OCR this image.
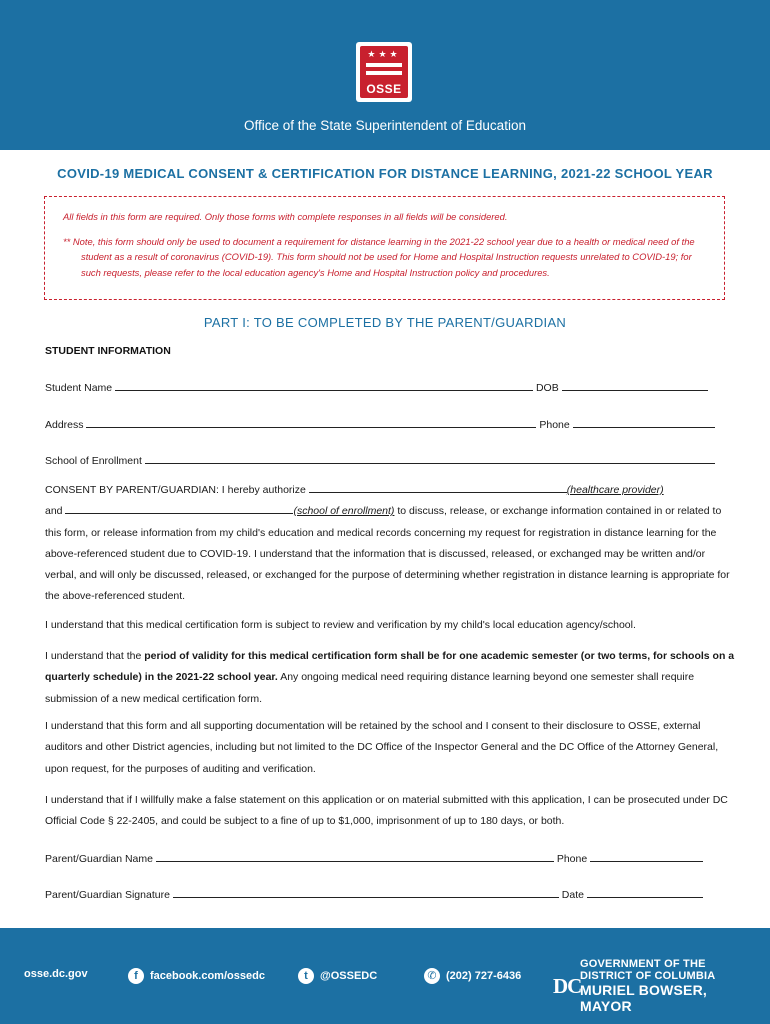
★★★
OSSE
Office of the State Superintendent of Education
COVID-19 MEDICAL CONSENT & CERTIFICATION FOR DISTANCE LEARNING, 2021-22 SCHOOL YEAR

All fields in this form are required. Only those forms with complete responses in all fields will be considered.

** Note, this form should only be used to document a requirement for distance learning in the 2021-22 school year due to a health or medical need of the student as a result of coronavirus (COVID-19). This form should not be used for Home and Hospital Instruction requests unrelated to COVID-19; for such requests, please refer to the local education agency's Home and Hospital Instruction policy and procedures.

PART I: TO BE COMPLETED BY THE PARENT/GUARDIAN
STUDENT INFORMATION
Student Name	DOB
Address	Phone
School of Enrollment
CONSENT BY PARENT/GUARDIAN: I hereby authorize	(healthcare provider)
and	(school of enrollment) to discuss, release, or exchange information contained in or related to this form, or release information from my child's education and medical records concerning my request for registration in distance learning for the above-referenced student due to COVID-19. I understand that the information that is discussed, released, or exchanged may be written and/or verbal, and will only be discussed, released, or exchanged for the purpose of determining whether registration in distance learning is appropriate for the above-referenced student.
I understand that this medical certification form is subject to review and verification by my child's local education agency/school.
I understand that the period of validity for this medical certification form shall be for one academic semester (or two terms, for schools on a quarterly schedule) in the 2021-22 school year. Any ongoing medical need requiring distance learning beyond one semester shall require submission of a new medical certification form.
I understand that this form and all supporting documentation will be retained by the school and I consent to their disclosure to OSSE, external auditors and other District agencies, including but not limited to the DC Office of the Inspector General and the DC Office of the Attorney General, upon request, for the purposes of auditing and verification.
I understand that if I willfully make a false statement on this application or on material submitted with this application, I can be prosecuted under DC Official Code § 22-2405, and could be subject to a fine of up to $1,000, imprisonment of up to 180 days, or both.
Parent/Guardian Name	Phone
Parent/Guardian Signature	Date
osse.dc.gov	f facebook.com/ossedc	t @OSSEDC	✆ (202) 727-6436 DC
GOVERNMENT OF THE
DISTRICT OF COLUMBIA
MURIEL BOWSER, MAYOR
